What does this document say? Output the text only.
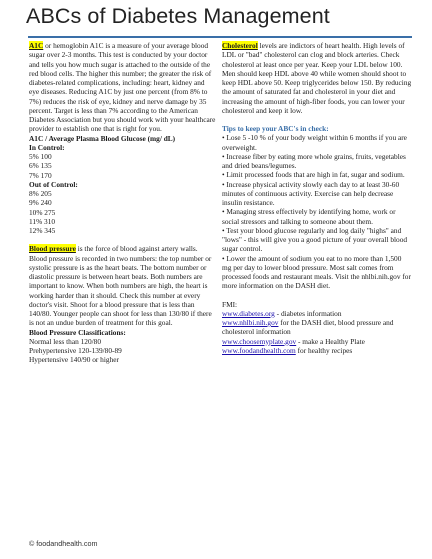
ABCs of Diabetes Management

A1C or hemoglobin A1C is a measure of your average blood sugar over 2-3 months. This test is conducted by your doctor and tells you how much sugar is attached to the outside of the red blood cells. The higher this number; the greater the risk of diabetes-related complications, including: heart, kidney and eye diseases. Reducing A1C by just one percent (from 8% to 7%) reduces the risk of eye, kidney and nerve damage by 35 percent. Target is less than 7% according to the American Diabetes Association but you should work with your healthcare provider to establish one that is right for you.

A1C / Average Plasma Blood Glucose (mg/ dL)

In Control:

5% 100
6% 135
7% 170

Out of Control:

8% 205
9% 240
10% 275
11% 310
12% 345

Blood pressure is the force of blood against artery walls. Blood pressure is recorded in two numbers: the top number or systolic pressure is as the heart beats. The bottom number or diastolic pressure is between heart beats. Both numbers are important to know. When both numbers are high, the heart is working harder than it should. Check this number at every doctor's visit. Shoot for a blood pressure that is less than 140/80. Younger people can shoot for less than 130/80 if there is not an undue burden of treatment for this goal.

Blood Pressure Classifications:

Normal less than 120/80
Prehypertensive 120-139/80-89
Hypertensive 140/90 or higher

Cholesterol levels are indictors of heart health. High levels of LDL or "bad" cholesterol can clog and block arteries. Check cholesterol at least once per year. Keep your LDL below 100. Men should keep HDL above 40 while women should shoot to keep HDL above 50. Keep triglycerides below 150. By reducing the amount of saturated fat and cholesterol in your diet and increasing the amount of high-fiber foods, you can lower your cholesterol and keep it low.

Tips to keep your ABC's in check:

• Lose 5 -10 % of your body weight within 6 months if you are overweight.

• Increase fiber by eating more whole grains, fruits, vegetables and dried beans/legumes.

• Limit processed foods that are high in fat, sugar and sodium.

• Increase physical activity slowly each day to at least 30-60 minutes of continuous activity. Exercise can help decrease insulin resistance.

• Managing stress effectively by identifying home, work or social stressors and talking to someone about them.

• Test your blood glucose regularly and log daily "highs" and "lows" - this will give you a good picture of your overall blood sugar control.

• Lower the amount of sodium you eat to no more than 1,500 mg per day to lower blood pressure. Most salt comes from processed foods and restaurant meals. Visit the nhlbi.nih.gov for more information on the DASH diet.

FMI:

www.diabetes.org - diabetes information

www.nhlbi.nih.gov for the DASH diet, blood pressure and cholesterol information

www.choosemyplate.gov - make a Healthy Plate

www.foodandhealth.com for healthy recipes

© foodandhealth.com
